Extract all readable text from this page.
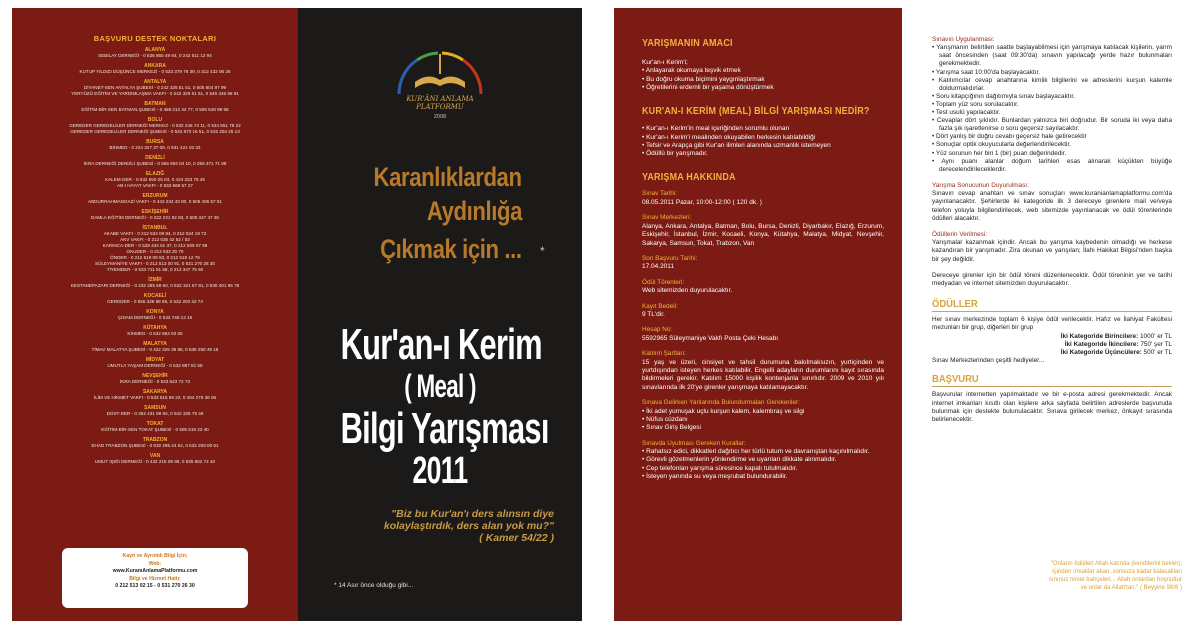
BAŞVURU DESTEK NOKTALARI
ALANYA
SEBİLAY DERNEĞİ - 0 536 865 49 84, 0 242 511 12 94
ANKARA
KUTUP YILDIZI DÜŞÜNCE MERKEZİ - 0 533 379 76 39, 0 312 432 06 26
ANTALYA
DİYANET-SEN ANTALYA ŞUBESİ - 0 242 326 51 51, 0 505 804 97 99
YERYÜZÜ EĞİTİM VE YARDIMLAŞMA VAKFI - 0 242 326 51 51, 0 546 446 96 91
BATMAN
EĞİTİM-BİR-SEN BATMAN ŞUBESİ - 0 488 212 42 77, 0 505 549 99 58
BOLU
GEREDER GEREDELİLER DERNEĞİ MERKEZ - 0 532 246 74 11, 0 534 551 78 22
GEREDER GEREDELİLER DERNEĞİ ŞUBESİ - 0 532 673 16 51, 0 532 204 25 13
BURSA
BİHMED - 0 224 327 37 09, 0 531 421 03 33
DENİZLİ
İKRA DERNEĞİ DENİZLİ ŞUBESİ - 0 555 993 04 10, 0 258 371 71 99
ELAZIĞ
KALEM-DER - 0 532 650 25 03, 0 424 233 75 45
AB-I HAYAT VAKFI - 0 533 668 57 27
ERZURUM
ABDURRAHMANGAZİ VAKFI - 0 442 234 43 00, 0 506 406 57 51
ESKİŞEHİR
DAMLA EĞİTİM DERNEĞİ - 0 222 221 82 83, 0 505 347 47 35
İSTANBUL
AKABE VAKFI - 0 212 534 09 94, 0 212 534 19 72
AKV VAKFI - 0 212 635 42 52 / 53
KARINCA-DER - 0 538 434 61 37, 0 212 509 07 68
OKUDER - 0 212 533 20 70
ÖNDER - 0 212 519 09 53, 0 212 519 12 76
SÜLEYMANİYE VAKFI - 0 212 513 00 91, 0 531 270 26 30
TİYEMDER - 0 533 711 51 58, 0 212 347 75 50
İZMİR
KESTANEPAZARI DERNEĞİ - 0 232 285 59 60, 0 532 321 57 81, 0 530 401 95 78
KOCAELİ
GEREDER - 0 555 326 98 86, 0 532 203 32 74
KONYA
ÇIDAM DERNEĞİ - 0 533 748 13 15
KÜTAHYA
KİHMED - 0 532 663 93 05
MALATYA
TİMAV MALATYA ŞUBESİ - 0 422 325 39 98, 0 535 250 49 18
MİDYAT
UMUTLA YAŞAM DERNEĞİ - 0 532 887 81 58
NEVŞEHİR
İKRA DERNEĞİ - 0 533 643 72 73
SAKARYA
İLİM VE HİKMET VAKFI - 0 533 615 99 22, 0 264 279 36 06
SAMSUN
DOST-DER - 0 362 431 59 94, 0 542 325 75 48
TOKAT
EĞİTİM-BİR-SEN TOKAT ŞUBESİ - 0 505 519 23 40
TRABZON
EHAD TRABZON ŞUBESİ - 0 532 295 24 62, 0 532 209 00 61
VAN
UMUT IŞIĞI DERNEĞİ - 0 432 215 08 99, 0 535 862 72 40
Kayıt ve Ayrıntılı Bilgi İçin;
Web:
www.KuranıAnlamaPlatformu.com
Bilgi ve Hizmet Hattı;
0 212 513 02 15 - 0 531 270 26 30
KUR'ÂNI ANLAMA
PLATFORMU
2008
Karanlıklardan
Aydınlığa
Çıkmak için ... *
Kur'an-ı Kerim
( Meal )
Bilgi Yarışması
2011
"Biz bu Kur'an'ı ders alınsın diye
kolaylaştırdık, ders alan yok mu?"
( Kamer 54/22 )
* 14 Asır önce olduğu gibi...
YARIŞMANIN AMACI
Kur'an-ı Kerim'i;
• Anlayarak okumaya teşvik etmek
• Bu doğru okuma biçimini yaygınlaştırmak
• Öğretilerini erdemli bir yaşama dönüştürmek
KUR'AN-I KERİM (MEAL) BİLGİ YARIŞMASI NEDİR?
• Kur'an-ı Kerim'in meal içeriğinden sorumlu olunan
• Kur'an-ı Kerim'i mealinden okuyabilen herkesin katılabildiği
• Tefsir ve Arapça gibi Kur'an ilimleri alanında uzmanlık istemeyen
• Ödüllü bir yarışmadır.
YARIŞMA HAKKINDA
Sınav Tarihi:
08.05.2011 Pazar, 10:00-12:00 ( 120 dk. )
Sınav Merkezleri:
Alanya, Ankara, Antalya, Batman, Bolu, Bursa, Denizli, Diyarbakır, Elazığ, Erzurum, Eskişehir, İstanbul, İzmir, Kocaeli, Konya, Kütahya, Malatya, Midyat, Nevşehir, Sakarya, Samsun, Tokat, Trabzon, Van
Son Başvuru Tarihi:
17.04.2011
Ödül Törenleri:
Web sitemizden duyurulacaktır.
Kayıt Bedeli:
9 TL'dir.
Hesap No:
5592965 Süleymaniye Vakfı Posta Çeki Hesabı
Katılım Şartları:
15 yaş ve üzeri, cinsiyet ve tahsil durumuna bakılmaksızın, yurtiçinden ve yurtdışından isteyen herkes katılabilir. Engelli adayların durumlarını kayıt sırasında bildirmeleri gerekir. Katılım 15000 kişilik kontenjanla sınırlıdır. 2009 ve 2010 yılı sınavlarında ilk 20'ye girenler yarışmaya katılamayacaktır.
Sınava Gelirken Yanlarında Bulundurmaları Gerekenler:
• İki adet yumuşak uçlu kurşun kalem, kalemtıraş ve silgi
• Nüfus cüzdanı
• Sınav Giriş Belgesi
Sınavda Uyulması Gereken Kurallar:
• Rahatsız edici, dikkatleri dağıtıcı her türlü tutum ve davranıştan kaçınılmalıdır.
• Görevli gözetmenlerin yönlendirme ve uyarıları dikkate alınmalıdır.
• Cep telefonları yarışma süresince kapalı tutulmalıdır.
• İsteyen yanında su veya meşrubat bulundurabilir.
Sınavın Uygulanması:
• Yarışmanın belirtilen saatte başlayabilmesi için yarışmaya katılacak kişilerin, yarım saat öncesinden (saat 09:30'da) sınavın yapılacağı yerde hazır bulunmaları gerekmektedir.
• Yarışma saat 10:00'da başlayacaktır.
• Katılımcılar cevap anahtarına kimlik bilgilerini ve adreslerini kurşun kalemle doldurmalıdırlar.
• Soru kitapçığının dağıtımıyla sınav başlayacaktır.
• Toplam yüz soru sorulacaktır.
• Test usulü yapılacaktır.
• Cevaplar dört şıklıdır. Bunlardan yalnızca biri doğrudur. Bir soruda iki veya daha fazla şık işaretlenirse o soru geçersiz sayılacaktır.
• Dört yanlış bir doğru cevabı geçersiz hale getirecektir
• Sonuçlar optik okuyucularla değerlendirilecektir.
• Yüz sorunun her biri 1 (bir) puan değerindedir.
• Aynı puanı alanlar doğum tarihleri esas alınarak küçükten büyüğe derecelendirileceklerdir.
Yarışma Sonucunun Duyurulması:
Sınavın cevap anahtarı ve sınav sonuçları www.kuranianlamaplatformu.com'da yayınlanacaktır. Şehirlerde iki kategoride ilk 3 dereceye girenlere mail ve/veya telefon yoluyla bilgilendirilecek, web sitemizde yayınlanacak ve ödül törenlerinde ödülleri alacaktır.
Ödüllerin Verilmesi:
Yarışmalar kazanmak içindir. Ancak bu yarışma kaybedenin olmadığı ve herkese kazandıran bir yarışmadır. Zira okunan ve yarışılan; İlahi Hakikat Bilgisi'nden başka bir şey değildir.
Dereceye girenler için bir ödül töreni düzenlenecektir. Ödül töreninin yer ve tarihi medyadan ve internet sitemizden duyurulacaktır.
ÖDÜLLER
Her sınav merkezinde toplam 6 kişiye ödül verilecektir. Hafız ve İlahiyat Fakültesi mezunları bir grup, diğerleri bir grup
İki Kategoride Birincilere: 1000' er TL
İki Kategoride İkincilere: 750' şer TL
İki Kategoride Üçüncülere: 500' er TL
Sınav Merkezlerinden çeşitli hediyeler...
BAŞVURU
Başvurular internetten yapılmaktadır ve bir e-posta adresi gerekmektedir. Ancak internet imkanları kısıtlı olan kişilere arka sayfada belirtilen adreslerde başvuruda bulunmak için destekte bulunulacaktır. Sınava girilecek merkez, önkayıt sırasında belirlenecektir.
"Onların ödülleri Allah katında (kendilerini bekler);
içinden ırmaklar akan, sonsuza kadar kalacakları
sınırsız nimet bahçeleri... Allah onlardan hoşnuttur
ve onlar da Allah'tan." ( Beyyine 98/8 )
